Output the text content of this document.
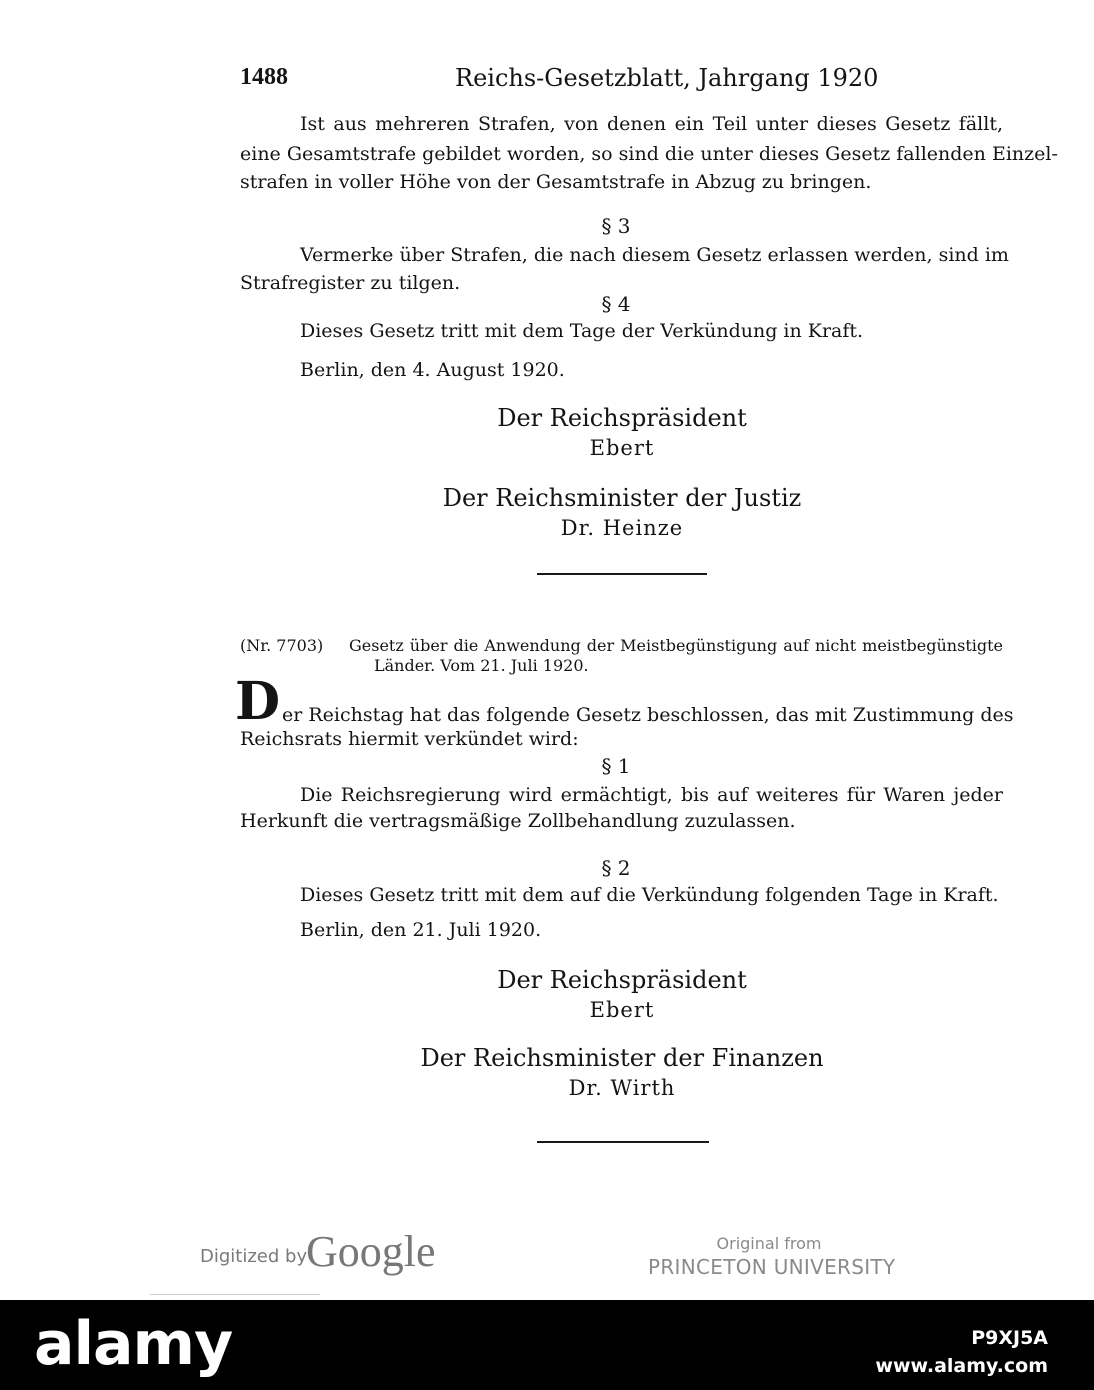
1488	Reichs-Gesetzblatt, Jahrgang 1920
Ist aus mehreren Strafen, von denen ein Teil unter dieses Gesetz fällt,
eine Gesamtstrafe gebildet worden, so sind die unter dieses Gesetz fallenden Einzel-
strafen in voller Höhe von der Gesamtstrafe in Abzug zu bringen.
§ 3
Vermerke über Strafen, die nach diesem Gesetz erlassen werden, sind im
Strafregister zu tilgen.
§ 4
Dieses Gesetz tritt mit dem Tage der Verkündung in Kraft.
Berlin, den 4. August 1920.
Der Reichspräsident
Ebert
Der Reichsminister der Justiz
Dr. Heinze
(Nr. 7703) Gesetz über die Anwendung der Meistbegünstigung auf nicht meistbegünstigte
Länder. Vom 21. Juli 1920.
D er Reichstag hat das folgende Gesetz beschlossen, das mit Zustimmung des
Reichsrats hiermit verkündet wird:
§ 1
Die Reichsregierung wird ermächtigt, bis auf weiteres für Waren jeder
Herkunft die vertragsmäßige Zollbehandlung zuzulassen.
§ 2
Dieses Gesetz tritt mit dem auf die Verkündung folgenden Tage in Kraft.
Berlin, den 21. Juli 1920.
Der Reichspräsident
Ebert
Der Reichsminister der Finanzen
Dr. Wirth
Digitized by
Google	Original from
PRINCETON UNIVERSITY
alamy	P9XJ5A
www.alamy.com
